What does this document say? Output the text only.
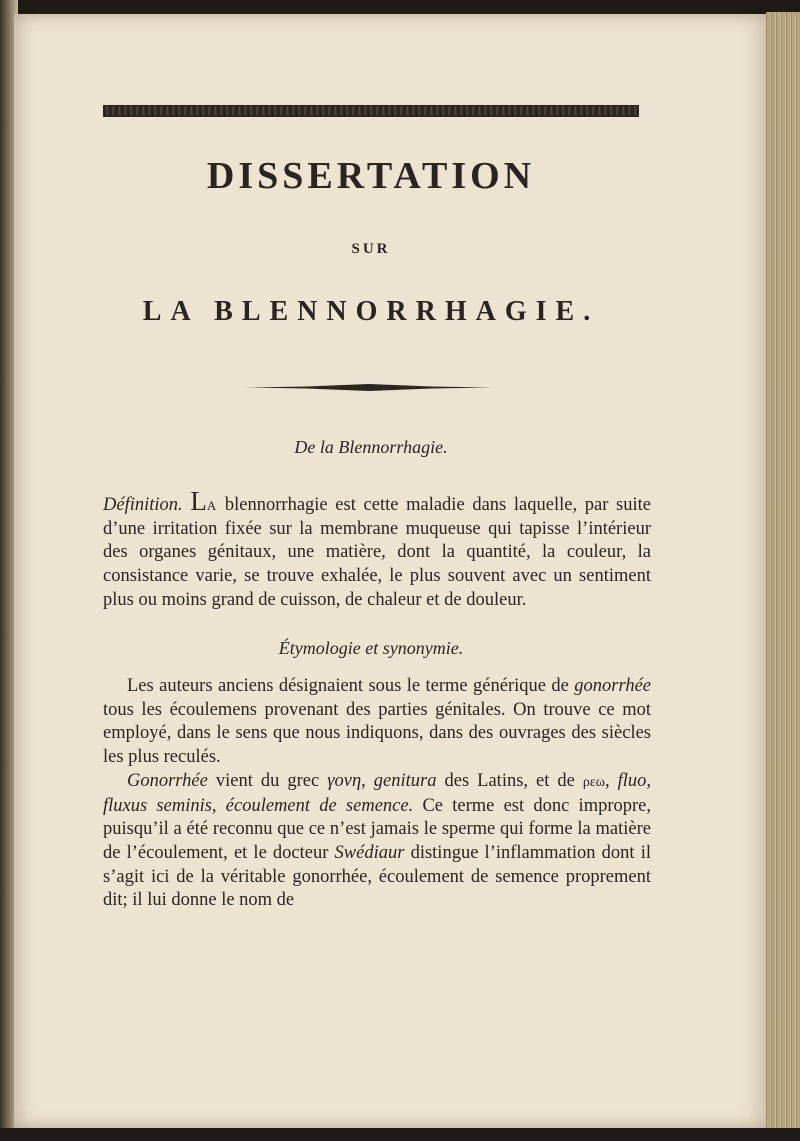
DISSERTATION
SUR
LA BLENNORRHAGIE.
De la Blennorrhagie.

Définition. LA blennorrhagie est cette maladie dans laquelle, par suite d’une irritation fixée sur la membrane muqueuse qui tapisse l’intérieur des organes génitaux, une matière, dont la quantité, la couleur, la consistance varie, se trouve exhalée, le plus souvent avec un sentiment plus ou moins grand de cuisson, de chaleur et de douleur.

Étymologie et synonymie.

Les auteurs anciens désignaient sous le terme générique de gonorrhée tous les écoulemens provenant des parties génitales. On trouve ce mot employé, dans le sens que nous indiquons, dans des ouvrages des siècles les plus reculés.

Gonorrhée vient du grec γονη, genitura des Latins, et de ρεω, fluo, fluxus seminis, écoulement de semence. Ce terme est donc impropre, puisqu’il a été reconnu que ce n’est jamais le sperme qui forme la matière de l’écoulement, et le docteur Swédiaur distingue l’inflammation dont il s’agit ici de la véritable gonorrhée, écoulement de semence proprement dit; il lui donne le nom de
